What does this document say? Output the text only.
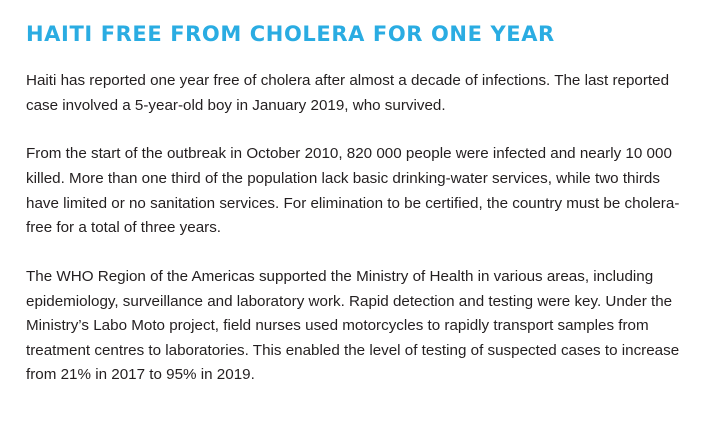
HAITI FREE FROM CHOLERA FOR ONE YEAR

Haiti has reported one year free of cholera after almost a decade of infections. The last reported case involved a 5-year-old boy in January 2019, who survived.

From the start of the outbreak in October 2010, 820 000 people were infected and nearly 10 000 killed. More than one third of the population lack basic drinking-water services, while two thirds have limited or no sanitation services. For elimination to be certified, the country must be cholera-free for a total of three years.

The WHO Region of the Americas supported the Ministry of Health in various areas, including epidemiology, surveillance and laboratory work. Rapid detection and testing were key. Under the Ministry’s Labo Moto project, field nurses used motorcycles to rapidly transport samples from treatment centres to laboratories. This enabled the level of testing of suspected cases to increase from 21% in 2017 to 95% in 2019.
